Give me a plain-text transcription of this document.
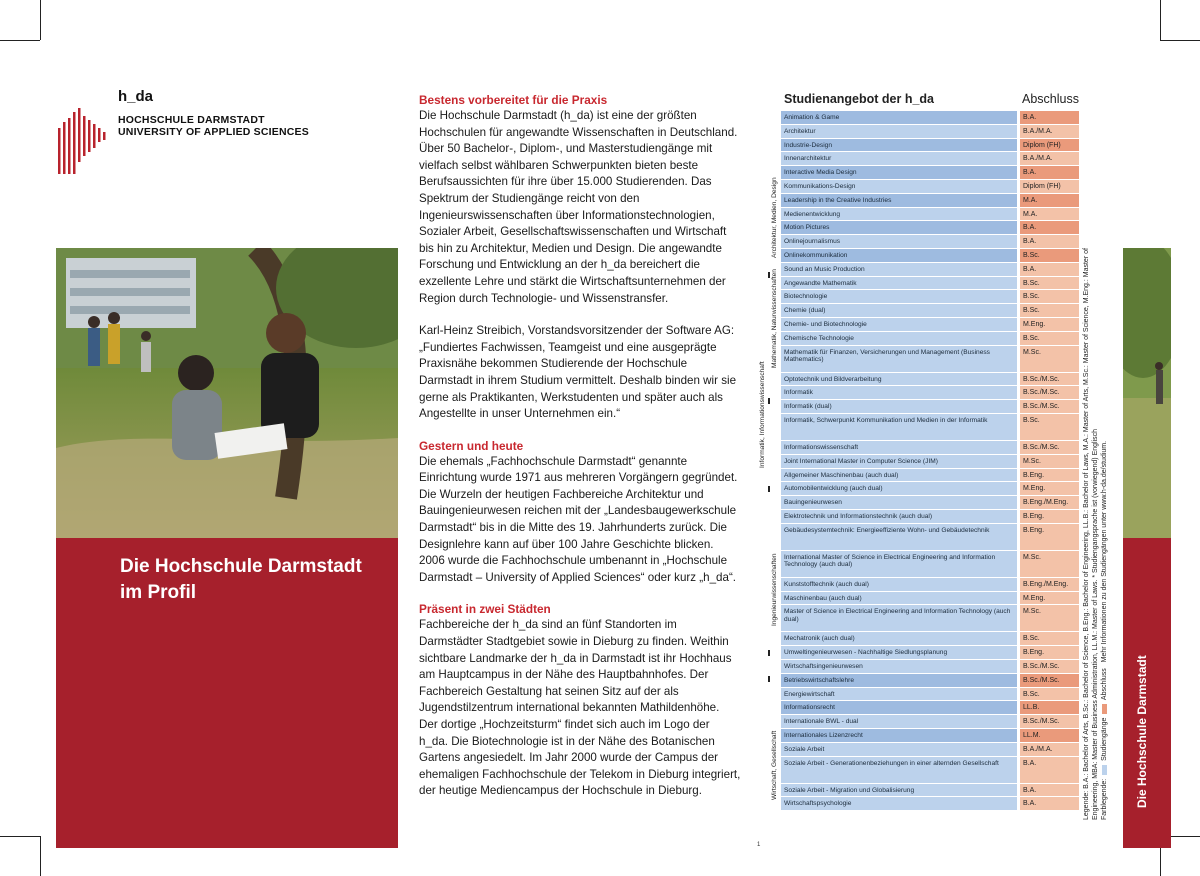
h_da
HOCHSCHULE DARMSTADT
UNIVERSITY OF APPLIED SCIENCES
Die Hochschule Darmstadt
im Profil
Bestens vorbereitet für die Praxis
Die Hochschule Darmstadt (h_da) ist eine der größten Hochschulen für angewandte Wissenschaften in Deutschland. Über 50 Bachelor-, Diplom-, und Masterstudiengänge mit vielfach selbst wählbaren Schwerpunkten bieten beste Berufsaussichten für ihre über 15.000 Studierenden. Das Spektrum der Studiengänge reicht von den Ingenieurswissenschaften über Informationstechnologien, Sozialer Arbeit, Gesellschaftswissenschaften und Wirtschaft bis hin zu Architektur, Medien und Design. Die angewandte Forschung und Entwicklung an der h_da bereichert die exzellente Lehre und stärkt die Wirtschaftsunternehmen der Region durch Technologie- und Wissenstransfer.
Karl-Heinz Streibich, Vorstandsvorsitzender der Software AG: „Fundiertes Fachwissen, Teamgeist und eine ausgeprägte Praxisnähe bekommen Studierende der Hochschule Darmstadt in ihrem Studium vermittelt. Deshalb binden wir sie gerne als Praktikanten, Werkstudenten und später auch als Angestellte in unser Unternehmen ein.“
Gestern und heute
Die ehemals „Fachhochschule Darmstadt“ genannte Einrichtung wurde 1971 aus mehreren Vorgängern gegründet. Die Wurzeln der heutigen Fachbereiche Architektur und Bauingenieurwesen reichen mit der „Landesbaugewerkschule Darmstadt“ bis in die Mitte des 19. Jahrhunderts zurück. Die Designlehre kann auf über 100 Jahre Geschichte blicken. 2006 wurde die Fachhochschule umbenannt in „Hochschule Darmstadt – University of Applied Sciences“ oder kurz „h_da“.
Präsent in zwei Städten
Fachbereiche der h_da sind an fünf Standorten im Darmstädter Stadtgebiet sowie in Dieburg zu finden. Weithin sichtbare Landmarke der h_da in Darmstadt ist ihr Hochhaus am Hauptcampus in der Nähe des Hauptbahnhofes. Der Fachbereich Gestaltung hat seinen Sitz auf der als Jugendstilzentrum international bekannten Mathildenhöhe. Der dortige „Hochzeitsturm“ findet sich auch im Logo der h_da. Die Biotechnologie ist in der Nähe des Botanischen Gartens angesiedelt. Im Jahr 2000 wurde der Campus der ehemaligen Fachhochschule der Telekom in Dieburg integriert, der heutige Mediencampus der Hochschule in Dieburg.
Studienangebot der h_da	Abschluss
Animation & Game	B.A.
Architektur	B.A./M.A.
Industrie-Design	Diplom (FH)
Innenarchitektur	B.A./M.A.
Interactive Media Design	B.A.
Kommunikations-Design	Diplom (FH)
Leadership in the Creative Industries	M.A.
Medienentwicklung	M.A.
Motion Pictures	B.A.
Onlinejournalismus	B.A.
Onlinekommunikation	B.Sc.
Sound an Music Production	B.A.
Angewandte Mathematik	B.Sc.
Biotechnologie	B.Sc.
Chemie (dual)	B.Sc.
Chemie- und Biotechnologie	M.Eng.
Chemische Technologie	B.Sc.
Mathematik für Finanzen, Versicherungen und Management (Business Mathematics)
M.Sc.
Optotechnik und Bildverarbeitung	B.Sc./M.Sc.
Informatik	B.Sc./M.Sc.
Informatik (dual)	B.Sc./M.Sc.
Informatik, Schwerpunkt Kommunikation und Medien in der Informatik	B.Sc.
Informationswissenschaft	B.Sc./M.Sc.
Joint International Master in Computer Science (JIM)	M.Sc.
Allgemeiner Maschinenbau (auch dual)	B.Eng.
Automobilentwicklung (auch dual)	M.Eng.
Bauingenieurwesen	B.Eng./M.Eng.
Elektrotechnik und Informationstechnik (auch dual)	B.Eng.
Gebäudesystemtechnik: Energieeffiziente Wohn- und Gebäudetechnik	B.Eng.
International Master of Science in Electrical Engineering and Information Technology (auch dual)
M.Sc.
Kunststofftechnik (auch dual)	B.Eng./M.Eng.
Maschinenbau (auch dual)	M.Eng.
Master of Science in Electrical Engineering and Information Technology (auch dual)
M.Sc.
Mechatronik (auch dual)	B.Sc.
Umweltingenieurwesen - Nachhaltige Siedlungsplanung	B.Eng.
Wirtschaftsingenieurwesen	B.Sc./M.Sc.
Betriebswirtschaftslehre	B.Sc./M.Sc.
Energiewirtschaft	B.Sc.
Informationsrecht	LL.B.
Internationale BWL - dual	B.Sc./M.Sc.
Internationales Lizenzrecht	LL.M.
Soziale Arbeit	B.A./M.A.
Soziale Arbeit - Generationenbeziehungen in einer alternden Gesellschaft	B.A.
Soziale Arbeit - Migration und Globalisierung	B.A.
Wirtschaftspsychologie	B.A.
Architektur, Medien, Design
Mathematik, Naturwissenschaften
Informatik, Informationswissenschaft
Ingenieurwissenschaften
Wirtschaft, Gesellschaft	Legende: B.A.: Bachelor of Arts, B.Sc.: Bachelor of Science, B.Eng.: Bachelor of Engineering, LL.B.: Bachelor of Laws, M.A.: Master of Arts, M.Sc.: Master of Science, M.Eng.: Master of Engineering, MBA: Master of Business Administration, LL.M.: Master of Laws. * Studiengangsprache ist (vorwiegend) Englisch Farblegende:  Studiengänge  Abschluss   Mehr Informationen zu den Studiengängen unter www.h-da.de/studium.
Die Hochschule Darmstadt
1
